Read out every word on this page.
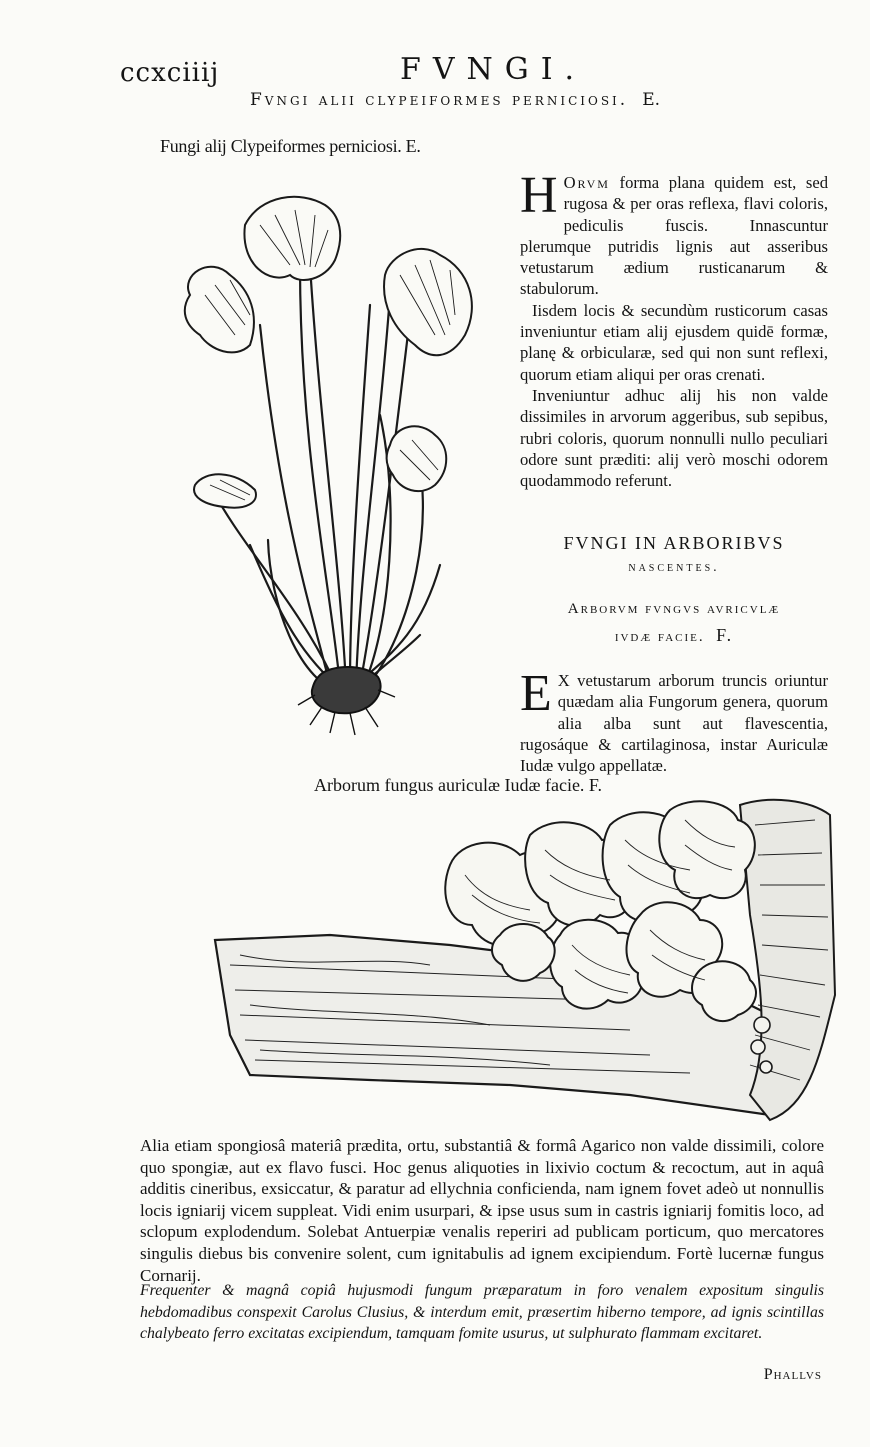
ccxciiij	FVNGI.
Fvngi alii clypeiformes perniciosi. E.
Fungi alij Clypeiformes perniciosi. E.

H Orvm forma plana quidem est, sed rugosa & per oras reflexa, flavi coloris, pediculis fuscis. Innascuntur plerumque putridis lignis aut asseribus vetustarum ædium rusticanarum & stabulorum.

Iisdem locis & secundùm rusticorum casas inveniuntur etiam alij ejusdem quidē formæ, planę & orbicularæ, sed qui non sunt reflexi, quorum etiam aliqui per oras crenati.

Inveniuntur adhuc alij his non valde dissimiles in arvorum aggeribus, sub sepibus, rubri coloris, quorum nonnulli nullo peculiari odore sunt præditi: alij verò moschi odorem quodammodo referunt.

FVNGI IN ARBORIBVS
nascentes.
Arborvm fvngvs avricvlæ
ivdæ facie. F.

E X vetustarum arborum truncis oriuntur quædam alia Fungorum genera, quorum alia alba sunt aut flavescentia, rugosáque & cartilaginosa, instar Auriculæ Iudæ vulgo appellatæ.

Arborum fungus auriculæ Iudæ facie. F.
Alia etiam spongiosâ materiâ prædita, ortu, substantiâ & formâ Agarico non valde dissimili, colore quo spongiæ, aut ex flavo fusci. Hoc genus aliquoties in lixivio coctum & recoctum, aut in aquâ additis cineribus, exsiccatur, & paratur ad ellychnia conficienda, nam ignem fovet adeò ut nonnullis locis igniarij vicem suppleat. Vidi enim usurpari, & ipse usus sum in castris igniarij fomitis loco, ad sclopum explodendum. Solebat Antuerpiæ venalis reperiri ad publicam porticum, quo mercatores singulis diebus bis convenire solent, cum ignitabulis ad ignem excipiendum. Fortè lucernæ fungus Cornarij.
Frequenter & magnâ copiâ hujusmodi fungum præparatum in foro venalem expositum singulis hebdomadibus conspexit Carolus Clusius, & interdum emit, præsertim hiberno tempore, ad ignis scintillas chalybeato ferro excitatas excipiendum, tamquam fomite usurus, ut sulphurato flammam excitaret.
Phallvs
